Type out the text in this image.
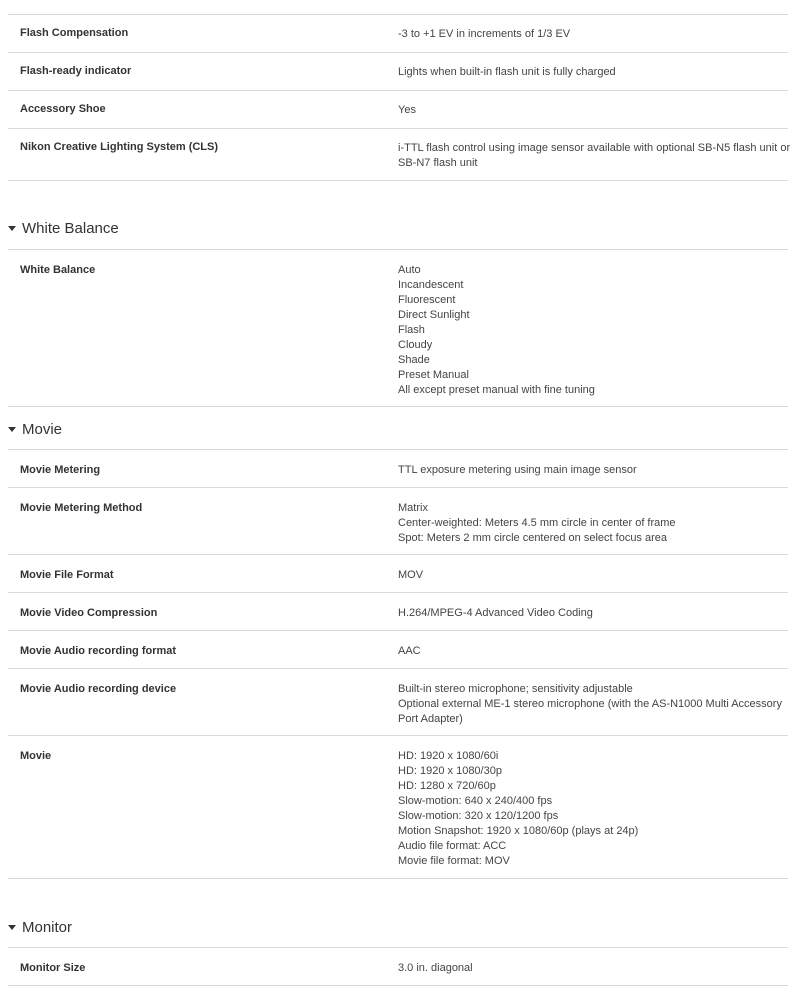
Flash Compensation	-3 to +1 EV in increments of 1/3 EV
Flash-ready indicator	Lights when built-in flash unit is fully charged
Accessory Shoe	Yes
Nikon Creative Lighting System (CLS)	i-TTL flash control using image sensor available with optional SB-N5 flash unit or
SB-N7 flash unit
White Balance
White Balance	Auto
Incandescent
Fluorescent
Direct Sunlight
Flash
Cloudy
Shade
Preset Manual
All except preset manual with fine tuning
Movie
Movie Metering	TTL exposure metering using main image sensor
Movie Metering Method	Matrix
Center-weighted: Meters 4.5 mm circle in center of frame
Spot: Meters 2 mm circle centered on select focus area
Movie File Format	MOV
Movie Video Compression	H.264/MPEG-4 Advanced Video Coding
Movie Audio recording format	AAC
Movie Audio recording device	Built-in stereo microphone; sensitivity adjustable
Optional external ME-1 stereo microphone (with the AS-N1000 Multi Accessory
Port Adapter)
Movie	HD: 1920 x 1080/60i
HD: 1920 x 1080/30p
HD: 1280 x 720/60p
Slow-motion: 640 x 240/400 fps
Slow-motion: 320 x 120/1200 fps
Motion Snapshot: 1920 x 1080/60p (plays at 24p)
Audio file format: ACC
Movie file format: MOV
Monitor
Monitor Size	3.0 in. diagonal
